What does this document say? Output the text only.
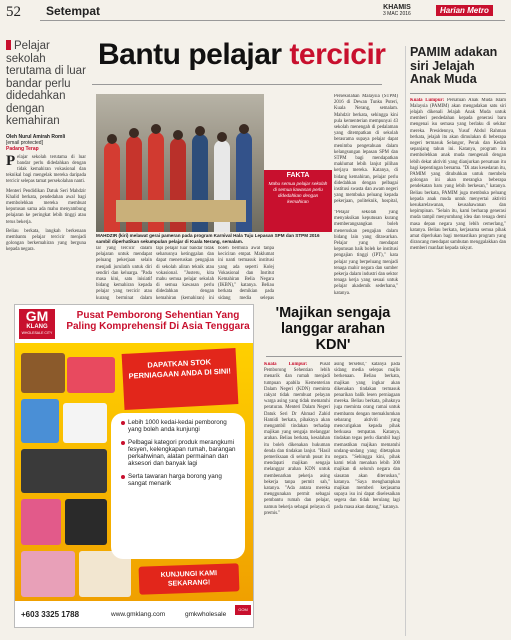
52 Setempat	KHAMIS
3 MAC 2016	Harian Metro
Pelajar sekolah terutama di luar bandar perlu didedahkan dengan kemahiran
Oleh Nurul Amirah Romli
[email protected]
Padang Terap

Pelajar sekolah terutama di luar bandar perlu didedahkan dengan tidak kemahiran vokasional dan teknikal bagi mengelak mereka daripada tercicir selepas tamat persekolahan nanti.

Menteri Pendidikan Datuk Seri Mahdzir Khalid berkata, pendedahan awal bagi membolehkan mereka membuat keputusan sama ada mahu menyambung pelajaran ke peringkat lebih tinggi atau terus bekerja.

Beliau berkata, langkah berkenaan membantu pelajar tercicir menjadi golongan berkemahiran yang berguna kepada negara.

Bantu pelajar tercicir
FAKTA
Mahu semua pelajar sekolah di semua kawasan perlu didedahkan dengan kemahiran
MAHDZIR (kiri) melawat gerai pameran pada program Karnival Hala Tuju Lepasan SPM dan STPM 2016 sambil diperhatikan sekumpulan pelajar di Kuala Nerang, semalam.
lar yang tercicir dalam pelajaran untuk mendapat peluang pekerjaan selain menjadi jurulatih untuk diri sendiri dan keluarga. "Pada masa kini, satu inisiatif bidang kemahiran kepada pelajar yang tercicir atau kurang berminat dalam
tapi pelajar luar bandar tidak seharusnya ketinggalan dan dapat meneruskan pengajian di sekolah aliran teknik atau vokasional. "Justeru, kita mahu semua pelajar sekolah di semua kawasan perlu didedahkan dengan kemahiran (kemahiran) ini
boleh bermula awal tanpa keciciran empat. Maklumat ini nanti termasuk institusi yang ada seperti Kolej Vokasional dan Institut Kemahiran Belia Negara (IKBN)," katanya. Beliau berkata demikian pada sidang media selepas
Persekolahan Malaysia (STPM) 2016 di Dewan Tunku Puteri, Kuala Nerang, semalam. Mahdzir berkata, sehingga kini pula kementerian mempunyai 43 sekolah menengah di pedalaman yang ditempatkan di sekolah berasrama supaya pelajar dapat menimba pengetahuan dalam kelangsungan lepasan SPM dan STPM bagi mendapatkan maklumat lebih lanjut pilihan kerjaya mereka. Katanya, di bidang kemahiran, pelajar perlu didedahkan dengan pelbagai institusi swasta dan awam negeri yang membuka peluang kepada pekerjaan, politeknik, hospital,
"Pelajar sekolah yang menyaksikan keputusan kurang memberangsangkan boleh meneruskan pengajian dalam bidang lain yang ditawarkan. Pelajar yang mendapat keputusan baik boleh ke institusi pengajian tinggi (IPT)," kata pelajar yang berpeluang menjadi tenaga mahir negara dan sumber pekerja dalam industri dan sektor tenaga kerja yang sesuai untuk pelajar akademik sederhana," katanya.
GM
KLANG
WHOLESALE CITY
Pusat Pemborong Sehentian Yang Paling Komprehensif Di Asia Tenggara
DAPATKAN STOK PERNIAGAAN ANDA DI SINI!
Lebih 1000 kedai-kedai pemborong yang boleh anda kunjungi
Pelbagai kategori produk merangkumi fesyen, kelengkapan rumah, barangan perkahwinan, alatan permainan dan aksesori dan banyak lagi
Serta tawaran harga borong yang sangat menarik
KUNJUNGI KAMI SEKARANG!
+603 3325 1788	www.gmklang.com	gmkwholesale
GOM
'Majikan sengaja langgar arahan KDN'
Kuala Lumpur:	Pusat Pemborong Sehentian lebih menarik dan rumah menjadi tumpuan apabila Kementerian Dalam Negeri (KDN) meminta rakyat tidak membuat pelayan warga asing yang tidak mematuhi peraturan. Menteri Dalam Negeri Datuk Seri Dr Ahmad Zahid Hamidi berkata, pihaknya akan mengambil tindakan terhadap majikan yang sengaja melanggar arahan. Beliau berkata, kesalahan itu boleh dikenakan hukuman denda dan tindakan lanjut. "Hasil pemeriksaan di seluruh pusat itu mendapati majikan sengaja melanggar arahan KDN untuk membenarkan pekerja asing bekerja tanpa permit sah," katanya. "Ada antara mereka menggunakan permit sebagai pembantu rumah dan pelajar, namun bekerja sebagai pelayan di premis."
asing tersebut," katanya pada sidang media selepas majlis berkenaan. Beliau berkata, majikan yang ingkar akan dikenakan tindakan termasuk penarikan balik lesen perniagaan mereka. Beliau berkata, pihaknya juga meminta orang ramai untuk membantu dengan memaklumkan sebarang aktiviti yang mencurigakan kepada pihak berkuasa tempatan. Katanya, tindakan tegas perlu diambil bagi memastikan majikan mematuhi undang-undang yang ditetapkan negara. "Sehingga kini, pihak kami telah menahan lebih 300 majikan di seluruh negara dan siasatan akan diteruskan," katanya. "Saya mengharapkan majikan memberi kerjasama supaya isu ini dapat diselesaikan segera dan tidak berulang lagi pada masa akan datang," katanya.
PAMIM adakan siri Jelajah Anak Muda
Kuala Lumpur: Persatuan Anak Muda Islam Malaysia (PAMIM) akan mengadakan satu siri jelajah dikenali Jelajah Anak Muda untuk memberi pendedahan kepada generasi baru mengenai isu semasa yang berlaku di sekitar mereka. Presidennya, Yusuf Abdul Rahman berkata, jelajah itu akan dimulakan di beberapa negeri termasuk Selangor, Perak dan Kedah sepanjang tahun ini. Katanya, program itu membolehkan anak muda mengenali dengan lebih dekat aktiviti yang dianjurkan persatuan itu bagi kepentingan bersama. "Di atas kesedaran itu, PAMIM yang ditubuhkan untuk membela golongan ini akan merangka beberapa pendekatan baru yang lebih berkesan," katanya. Beliau berkata, PAMIM juga membuka peluang kepada anak muda untuk menyertai aktiviti kesukarelawanan, keusahawanan dan kepimpinan. "Selain itu, kami berharap generasi muda tampil menyumbang idea dan tenaga demi masa depan negara yang lebih cemerlang," katanya. Beliau berkata, kerjasama semua pihak amat diperlukan bagi memastikan program yang dirancang mendapat sambutan menggalakkan dan memberi manfaat kepada rakyat.
